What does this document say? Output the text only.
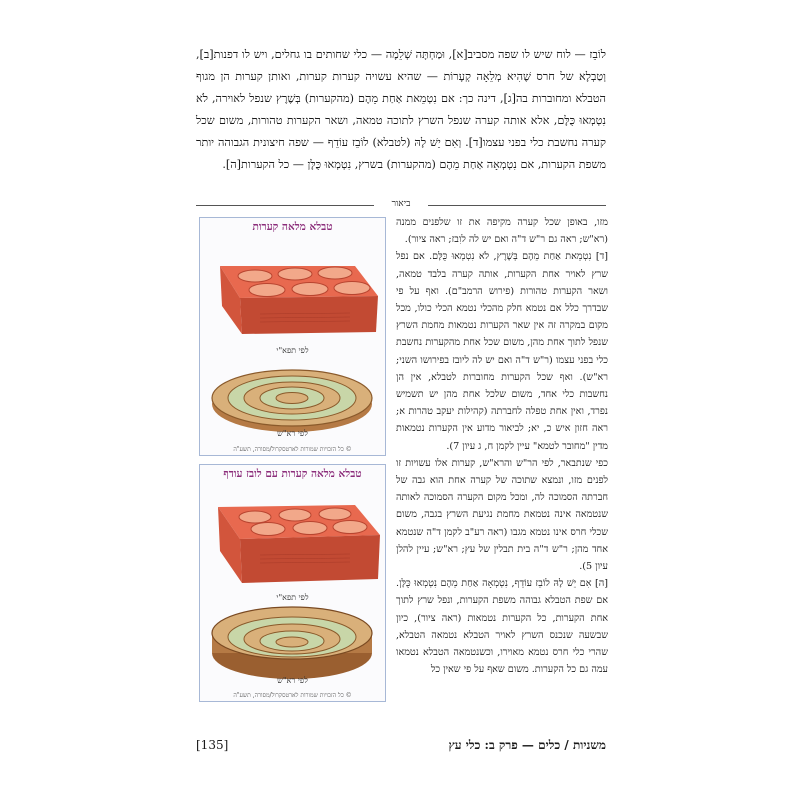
לוֹבֵז — לוח שיש לו שפה מסביב[א], וּמַחְתָּה שְׁלֵמָה — כלי שחותים בו גחלים, ויש לו דפנות[ב], וְטַבְלָא של חרס שֶׁהִיא מְלֵאָה קְעָרוֹת — שהיא עשויה קערות קערות, ואותן קערות הן מגוף הטבלא ומחוברות בה[ג], דינה כך: אם נִטְמֵאת אַחַת מֵהֶם (מהקערות) בְּשֶׁרֶץ שנפל לאוירה, לֹא נִטְמְאוּ כֻּלָּם, אלא אותה קערה שנפל השרץ לתוכה טמאה, ושאר הקערות טהורות, משום שכל קערה נחשבת כלי בפני עצמו[ד]. וְאִם יֵשׁ לָהּ (לטבלא) לוֹבֵז עוֹדֵף — שפה חיצונית הגבוהה יותר משפת הקערות, אם נִטְמְאָה אַחַת מֵהֶם (מהקערות) בשרץ, נִטְמְאוּ כֻּלָּן — כל הקערות[ה].
ביאור
טבלא מלאה קערות
לפי תפא"י
לפי רא"ש
© כל הזכויות שמורות לארטסקרול/מסורה, תשע"ה
טבלא מלאה קערות עם לובז עודף
לפי תפא"י
לפי רא"ש
© כל הזכויות שמורות לארטסקרול/מסורה, תשע"ה

מזו, באופן שכל קערה מקיפה את זו שלפנים ממנה (רא"ש; ראה גם ר"ש ד"ה ואם יש לה לוִבז; ראה ציור).

[ד] נִטְמֵאת אַחַת מֵהֶם בְּשֶׁרֶץ, לֹא נִטְמְאוּ כֻּלָּם. אם נפל שרץ לאויר אחת הקערות, אותה קערה בלבד טמאה, ושאר הקערות טהורות (פירוש הרמב"ם). ואף על פי שבדרך כלל אם נטמא חלק מהכלי נטמא הכלי כולו, מכל מקום במקרה זה אין שאר הקערות נטמאות מחמת השרץ שנפל לתוך אחת מהן, משום שכל אחת מהקערות נחשבת כלי בפני עצמו (ר"ש ד"ה ואם יש לה ליובז בפירושו השני; רא"ש). ואף שכל הקערות מחוברות לטבלא, אין הן נחשבות כלי אחד, משום שלכל אחת מהן יש תשמיש נפרד, ואין אחת טפלה לחברתה (קהילות יעקב טהרות א; ראה חזון איש כ, יא; לביאור מדוע אין הקערות נטמאות מדין "מחובר לטמא" עיין לקמן ח, ג עיון 7).

כפי שנתבאר, לפי הר"ש והרא"ש, קערות אלו עשויות זו לפנים מזו, ונמצא שתוכה של קערה אחת הוא גבה של חברתה הסמוכה לה, ומכל מקום הקערה הסמוכה לאותה שנטמאה אינה נטמאת מחמת נגיעת השרץ בגבה, משום שכלי חרס אינו נטמא מגבו (ראה רע"ב לקמן ד"ה שנטמא אחד מהן; ר"ש ד"ה בית תבלין של עץ; רא"ש; עיין להלן עיון 5).

[ה] אִם יֵשׁ לָהּ לוֹבֵז עוֹדֵף, נִטְמְאָה אַחַת מֵהֶם נִטְמְאוּ כֻּלָּן. אם שפת הטבלא גבוהה משפת הקערות, ונפל שרץ לתוך אחת הקערות, כל הקערות נטמאות (ראה ציור), כיון שבשעה שנכנס השרץ לאויר הטבלא נטמאה הטבלא, שהרי כלי חרס נטמא מאוירו, וכשנטמאה הטבלא נטמאו עמה גם כל הקערות. משום שאף על פי שאין כל

משניות / כלים — פרק ב: כלי עץ
[135]
